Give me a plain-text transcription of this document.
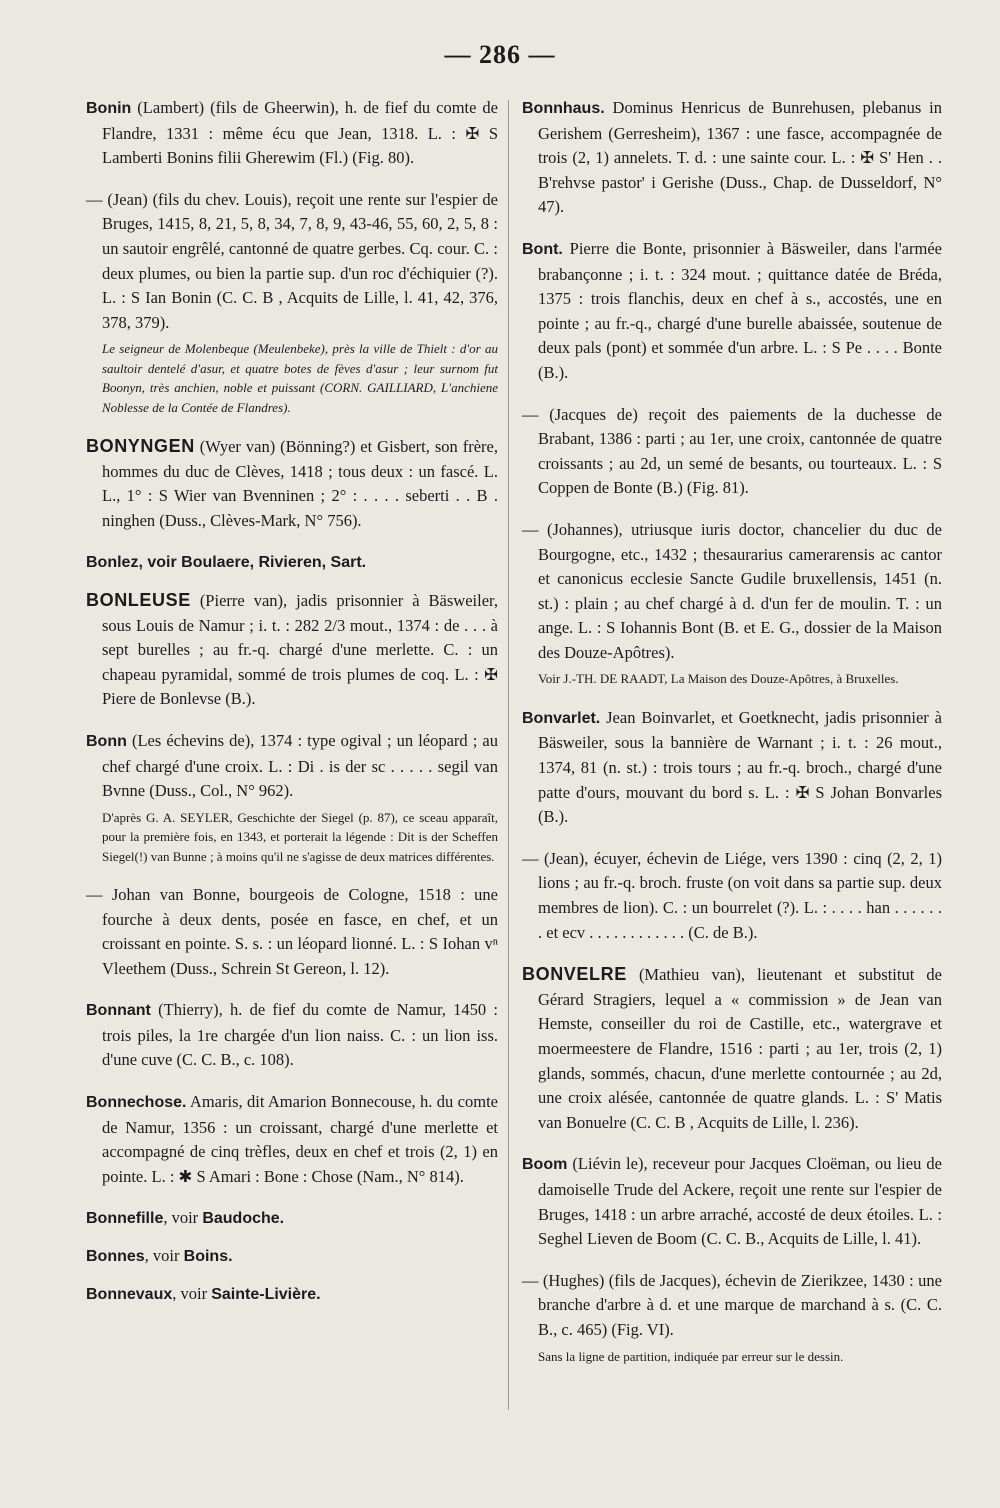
— 286 —

Bonin (Lambert) (fils de Gheerwin), h. de fief du comte de Flandre, 1331 : même écu que Jean, 1318. L. : ✠ S Lamberti Bonins filii Gherewim (Fl.) (Fig. 80).

— (Jean) (fils du chev. Louis), reçoit une rente sur l'espier de Bruges, 1415, 8, 21, 5, 8, 34, 7, 8, 9, 43-46, 55, 60, 2, 5, 8 : un sautoir engrêlé, cantonné de quatre gerbes. Cq. cour. C. : deux plumes, ou bien la partie sup. d'un roc d'échiquier (?). L. : S Ian Bonin (C. C. B , Acquits de Lille, l. 41, 42, 376, 378, 379).

Le seigneur de Molenbeque (Meulenbeke), près la ville de Thielt : d'or au saultoir dentelé d'asur, et quatre botes de fèves d'asur ; leur surnom fut Boonyn, très anchien, noble et puissant (CORN. GAILLIARD, L'anchiene Noblesse de la Contée de Flandres).

BONYNGEN (Wyer van) (Bönning?) et Gisbert, son frère, hommes du duc de Clèves, 1418 ; tous deux : un fascé. L. L., 1° : S Wier van Bvenninen ; 2° : . . . . seberti . . B . ninghen (Duss., Clèves-Mark, N° 756).

Bonlez, voir Boulaere, Rivieren, Sart.

BONLEUSE (Pierre van), jadis prisonnier à Bäsweiler, sous Louis de Namur ; i. t. : 282 2/3 mout., 1374 : de . . . à sept burelles ; au fr.-q. chargé d'une merlette. C. : un chapeau pyramidal, sommé de trois plumes de coq. L. : ✠ Piere de Bonlevse (B.).

Bonn (Les échevins de), 1374 : type ogival ; un léopard ; au chef chargé d'une croix. L. : Di . is der sc . . . . . segil van Bvnne (Duss., Col., N° 962).

D'après G. A. SEYLER, Geschichte der Siegel (p. 87), ce sceau apparaît, pour la première fois, en 1343, et porterait la légende : Dit is der Scheffen Siegel(!) van Bunne ; à moins qu'il ne s'agisse de deux matrices différentes.

— Johan van Bonne, bourgeois de Cologne, 1518 : une fourche à deux dents, posée en fasce, en chef, et un croissant en pointe. S. s. : un léopard lionné. L. : S Iohan vⁿ Vleethem (Duss., Schrein St Gereon, l. 12).

Bonnant (Thierry), h. de fief du comte de Namur, 1450 : trois piles, la 1re chargée d'un lion naiss. C. : un lion iss. d'une cuve (C. C. B., c. 108).

Bonnechose. Amaris, dit Amarion Bonnecouse, h. du comte de Namur, 1356 : un croissant, chargé d'une merlette et accompagné de cinq trèfles, deux en chef et trois (2, 1) en pointe. L. : ✱ S Amari : Bone : Chose (Nam., N° 814).

Bonnefille, voir Baudoche.

Bonnes, voir Boins.

Bonnevaux, voir Sainte-Livière.

Bonnhaus. Dominus Henricus de Bunrehusen, plebanus in Gerishem (Gerresheim), 1367 : une fasce, accompagnée de trois (2, 1) annelets. T. d. : une sainte cour. L. : ✠ S' Hen . . B'rehvse pastor' i Gerishe (Duss., Chap. de Dusseldorf, N° 47).

Bont. Pierre die Bonte, prisonnier à Bäsweiler, dans l'armée brabançonne ; i. t. : 324 mout. ; quittance datée de Bréda, 1375 : trois flanchis, deux en chef à s., accostés, une en pointe ; au fr.-q., chargé d'une burelle abaissée, soutenue de deux pals (pont) et sommée d'un arbre. L. : S Pe . . . . Bonte (B.).

— (Jacques de) reçoit des paiements de la duchesse de Brabant, 1386 : parti ; au 1er, une croix, cantonnée de quatre croissants ; au 2d, un semé de besants, ou tourteaux. L. : S Coppen de Bonte (B.) (Fig. 81).

— (Johannes), utriusque iuris doctor, chancelier du duc de Bourgogne, etc., 1432 ; thesaurarius camerarensis ac cantor et canonicus ecclesie Sancte Gudile bruxellensis, 1451 (n. st.) : plain ; au chef chargé à d. d'un fer de moulin. T. : un ange. L. : S Iohannis Bont (B. et E. G., dossier de la Maison des Douze-Apôtres).

Voir J.-TH. DE RAADT, La Maison des Douze-Apôtres, à Bruxelles.

Bonvarlet. Jean Boinvarlet, et Goetknecht, jadis prisonnier à Bäsweiler, sous la bannière de Warnant ; i. t. : 26 mout., 1374, 81 (n. st.) : trois tours ; au fr.-q. broch., chargé d'une patte d'ours, mouvant du bord s. L. : ✠ S Johan Bonvarles (B.).

— (Jean), écuyer, échevin de Liége, vers 1390 : cinq (2, 2, 1) lions ; au fr.-q. broch. fruste (on voit dans sa partie sup. deux membres de lion). C. : un bourrelet (?). L. : . . . . han . . . . . . . et ecv . . . . . . . . . . . . (C. de B.).

BONVELRE (Mathieu van), lieutenant et substitut de Gérard Stragiers, lequel a « commission » de Jean van Hemste, conseiller du roi de Castille, etc., watergrave et moermeestere de Flandre, 1516 : parti ; au 1er, trois (2, 1) glands, sommés, chacun, d'une merlette contournée ; au 2d, une croix alésée, cantonnée de quatre glands. L. : S' Matis van Bonuelre (C. C. B , Acquits de Lille, l. 236).

Boom (Liévin le), receveur pour Jacques Cloëman, ou lieu de damoiselle Trude del Ackere, reçoit une rente sur l'espier de Bruges, 1418 : un arbre arraché, accosté de deux étoiles. L. : Seghel Lieven de Boom (C. C. B., Acquits de Lille, l. 41).

— (Hughes) (fils de Jacques), échevin de Zierikzee, 1430 : une branche d'arbre à d. et une marque de marchand à s. (C. C. B., c. 465) (Fig. VI).

Sans la ligne de partition, indiquée par erreur sur le dessin.
